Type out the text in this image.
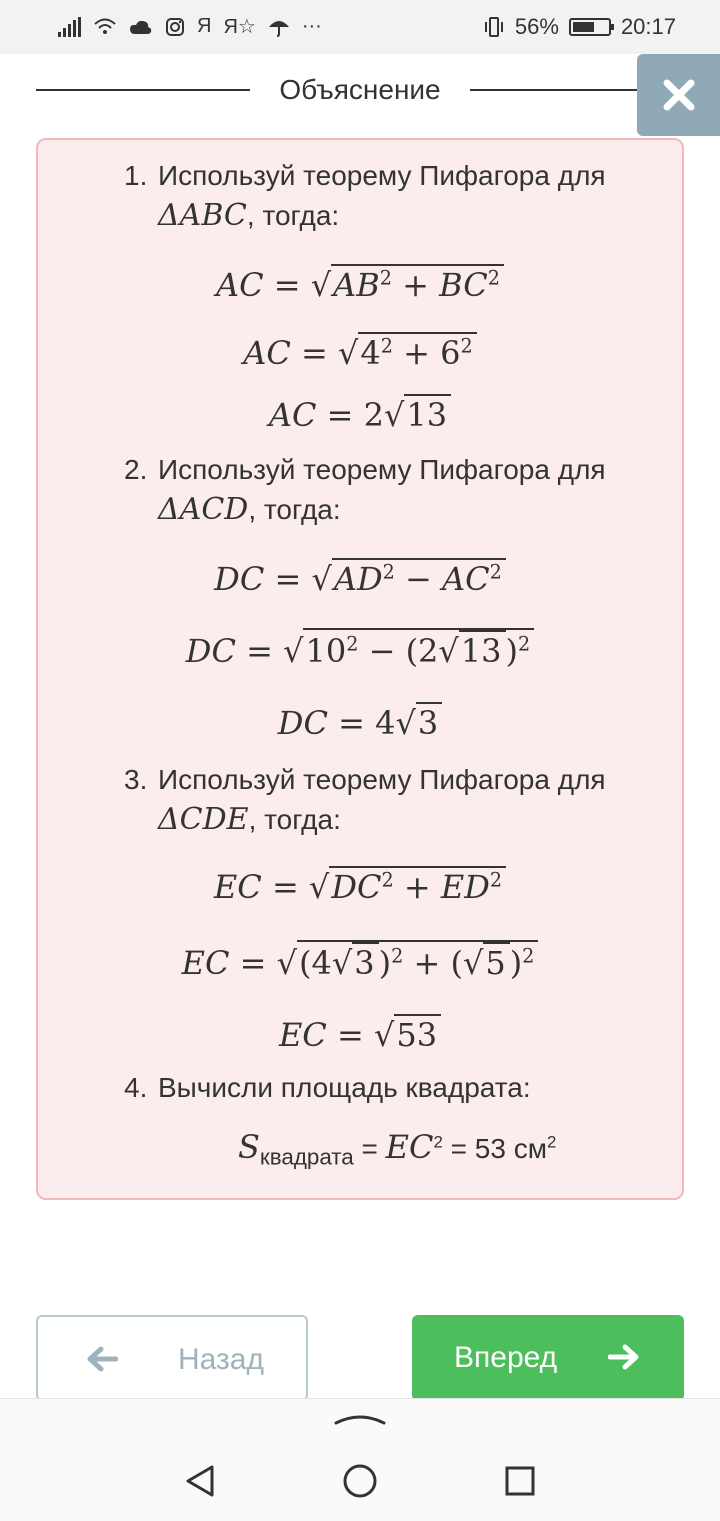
Я Я☆ ···	56%	20:17
Объяснение
1. Используй теорему Пифагора для
ΔABC, тогда:
AC = $√AB^2 + BC^2$
AC = $√4^2 + 6^2$
AC = 2√13
2. Используй теорему Пифагора для
ΔACD, тогда:
DC = $√AD^2 - AC^2$
DC = $√10^2 - (2√13$ )$^2$
DC = 4√3
3. Используй теорему Пифагора для
ΔCDE, тогда:
EC = $√DC^2 + ED^2$
EC = √(4√3 )$^2$ + (√5 )$^2$
EC = √53
4. Вычисли площадь квадрата:
$S_{квадрата} = EC^2 = 53$ $см^2$
Назад	Вперед
